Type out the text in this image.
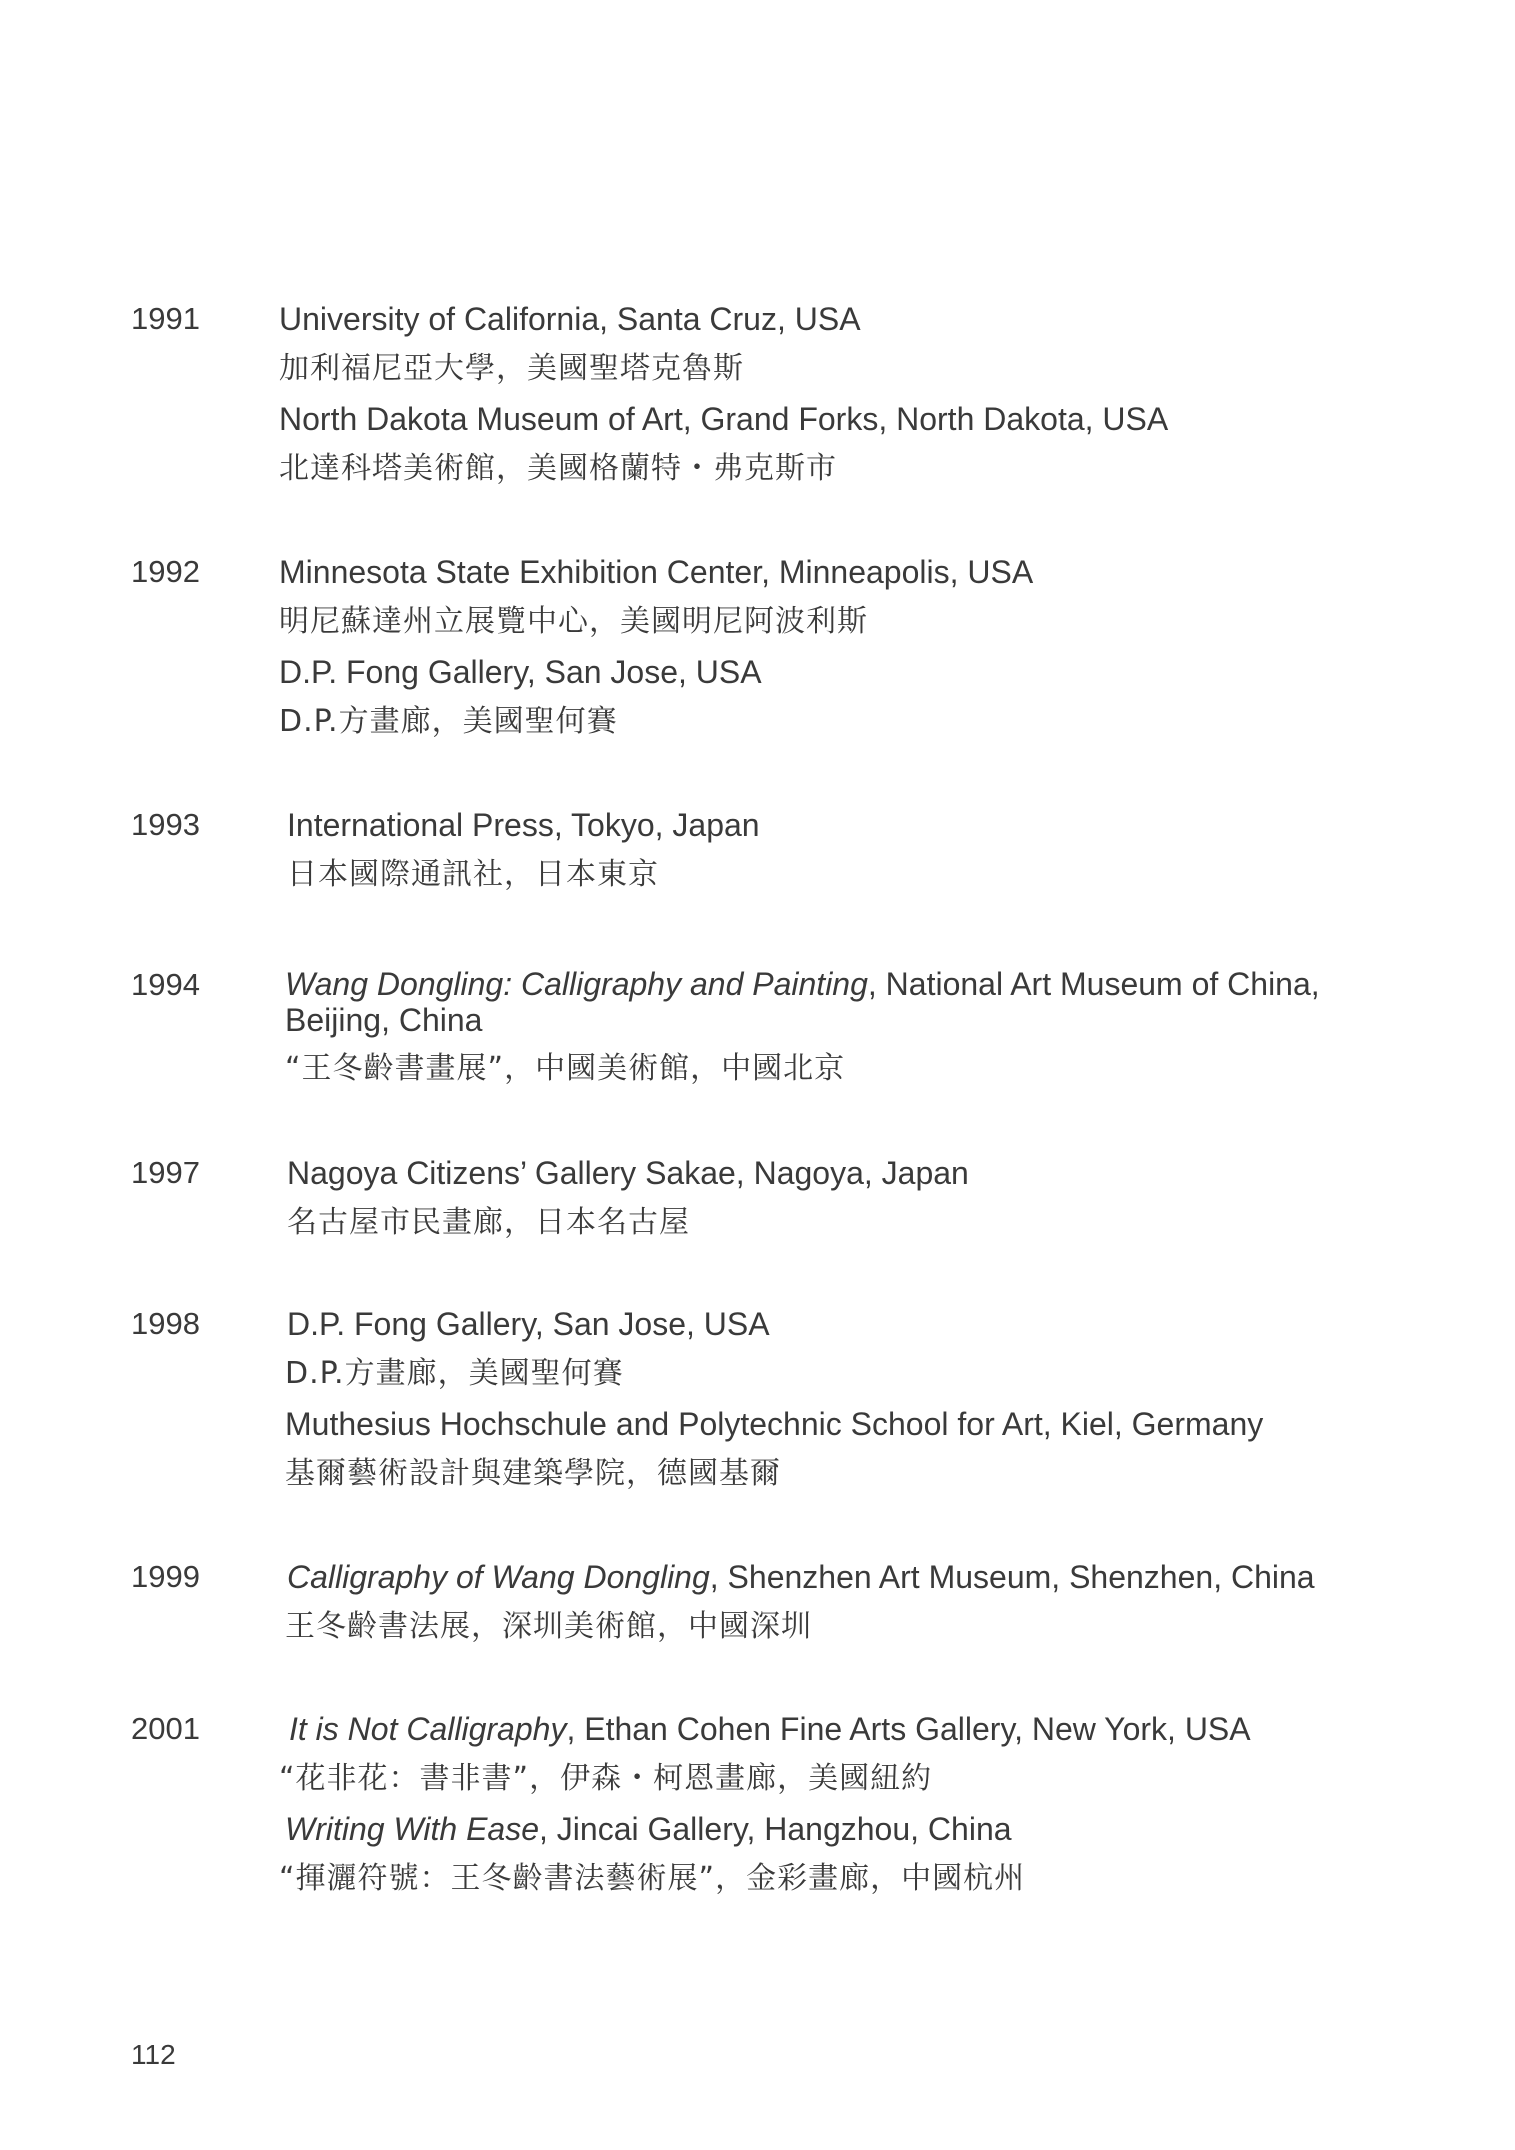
1991 University of California, Santa Cruz, USA
加利福尼亞大學，美國聖塔克魯斯
North Dakota Museum of Art, Grand Forks, North Dakota, USA
北達科塔美術館，美國格蘭特・弗克斯市
1992 Minnesota State Exhibition Center, Minneapolis, USA
明尼蘇達州立展覽中心，美國明尼阿波利斯
D.P. Fong Gallery, San Jose, USA
D.P.方畫廊，美國聖何賽
1993	International Press, Tokyo, Japan
日本國際通訊社，日本東京
1994	Wang Dongling: Calligraphy and Painting, National Art Museum of China, Beijing, China
“王冬齡書畫展”，中國美術館，中國北京
1997	Nagoya Citizens’ Gallery Sakae, Nagoya, Japan
名古屋市民畫廊，日本名古屋
1998	D.P. Fong Gallery, San Jose, USA
D.P.方畫廊，美國聖何賽
Muthesius Hochschule and Polytechnic School for Art, Kiel, Germany
基爾藝術設計與建築學院，德國基爾
1999	Calligraphy of Wang Dongling, Shenzhen Art Museum, Shenzhen, China
王冬齡書法展，深圳美術館，中國深圳
2001	It is Not Calligraphy, Ethan Cohen Fine Arts Gallery, New York, USA
“花非花：書非書”，伊森・柯恩畫廊，美國紐約
Writing With Ease, Jincai Gallery, Hangzhou, China
“揮灑符號：王冬齡書法藝術展”，金彩畫廊，中國杭州
112
